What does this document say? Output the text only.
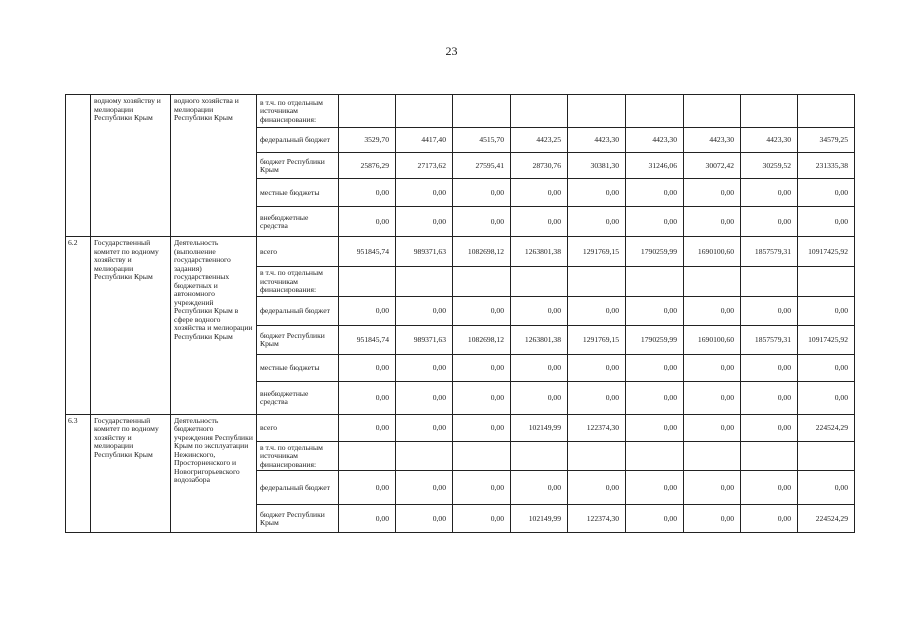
23
	водному хозяйству и мелиорации Республики Крым	водного хозяйства и мелиорации Республики Крым	в т.ч. по отдельным источникам финансирования:									
			федеральный бюджет	3529,70	4417,40	4515,70	4423,25	4423,30	4423,30	4423,30	4423,30	34579,25
			бюджет Республики Крым	25876,29	27173,62	27595,41	28730,76	30381,30	31246,06	30072,42	30259,52	231335,38
			местные бюджеты	0,00	0,00	0,00	0,00	0,00	0,00	0,00	0,00	0,00
			внебюджетные средства	0,00	0,00	0,00	0,00	0,00	0,00	0,00	0,00	0,00
6.2	Государственный комитет по водному хозяйству и мелиорации Республики Крым	Деятельность (выполнение государственного задания) государственных бюджетных и автономного учреждений Республики Крым в сфере водного хозяйства и мелиорации Республики Крым	всего	951845,74	989371,63	1082698,12	1263801,38	1291769,15	1790259,99	1690100,60	1857579,31	10917425,92
			в т.ч. по отдельным источникам финансирования:									
			федеральный бюджет	0,00	0,00	0,00	0,00	0,00	0,00	0,00	0,00	0,00
			бюджет Республики Крым	951845,74	989371,63	1082698,12	1263801,38	1291769,15	1790259,99	1690100,60	1857579,31	10917425,92
			местные бюджеты	0,00	0,00	0,00	0,00	0,00	0,00	0,00	0,00	0,00
			внебюджетные средства	0,00	0,00	0,00	0,00	0,00	0,00	0,00	0,00	0,00
6.3	Государственный комитет по водному хозяйству и мелиорации Республики Крым	Деятельность бюджетного учреждения Республики Крым по эксплуатации Нежинского, Просторненского и Новогригорьевского водозабора	всего	0,00	0,00	0,00	102149,99	122374,30	0,00	0,00	0,00	224524,29
			в т.ч. по отдельным источникам финансирования:									
			федеральный бюджет	0,00	0,00	0,00	0,00	0,00	0,00	0,00	0,00	0,00
			бюджет Республики Крым	0,00	0,00	0,00	102149,99	122374,30	0,00	0,00	0,00	224524,29
